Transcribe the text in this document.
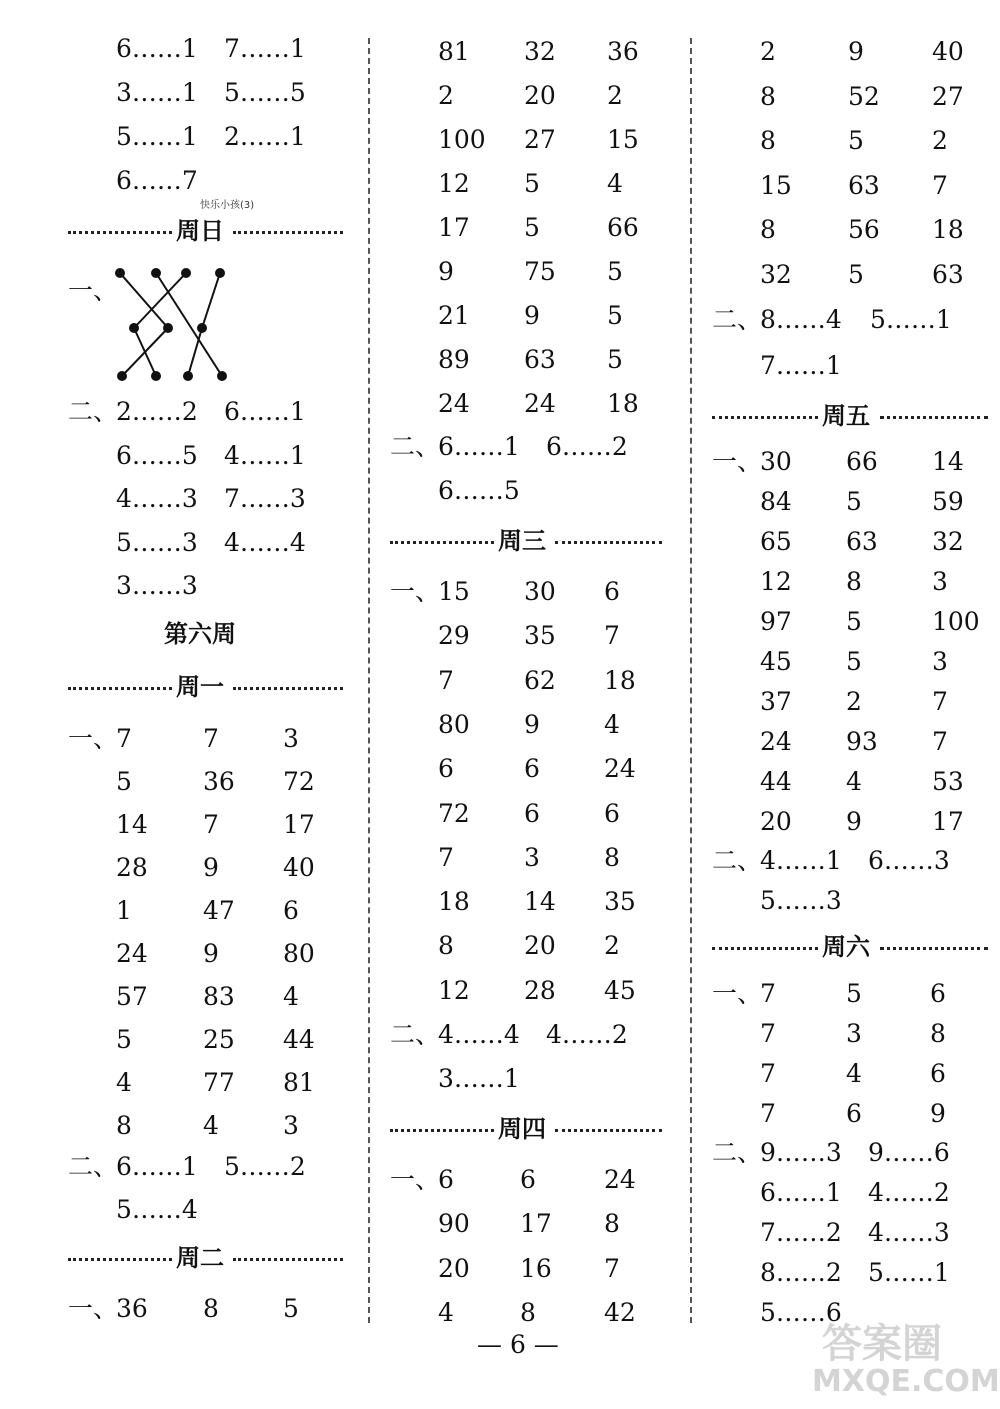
6……1 7……1
3……1 5……5
5……1 2……1
6……7
快乐小孩(3)
周日
一、
二、
2……2 6……1
6……5 4……1
4……3 7……3
5……3 4……4
3……3
第六周
周一
一、
7	7	3
5	36 72
14 7	17
28 9	40
1	47 6
24 9	80
57 83 4
5	25 44
4	77 81
8	4	3
二、
6……1 5……2
5……4
周二
一、
36 8	5
81 32 36
2	20 2
100 27 15
12 5	4
17 5	66
9	75 5
21 9	5
89 63 5
24 24 18
二、
6……1 6……2
6……5
周三
一、
15 30 6
29 35 7
7	62 18
80 9	4
6	6	24
72 6	6
7	3	8
18 14 35
8	20 2
12 28 45
二、
4……4 4……2
3……1
周四
一、
6	6	24
90 17 8
20 16 7
4	8	42
— 6 —
2	9	40
8	52 27
8	5	2
15 63 7
8	56 18
32 5	63
二、
8……4 5……1
7……1
周五
一、
30 66 14
84 5	59
65 63 32
12 8	3
97 5	100
45 5	3
37 2	7
24 93 7
44 4	53
20 9	17
二、
4……1 6……3
5……3
周六
一、
7	5	6
7	3	8
7	4	6
7	6	9
二、
9……3 9……6
6……1 4……2
7……2 4……3
8……2 5……1
5……6
答案圈
MXQE.COM
